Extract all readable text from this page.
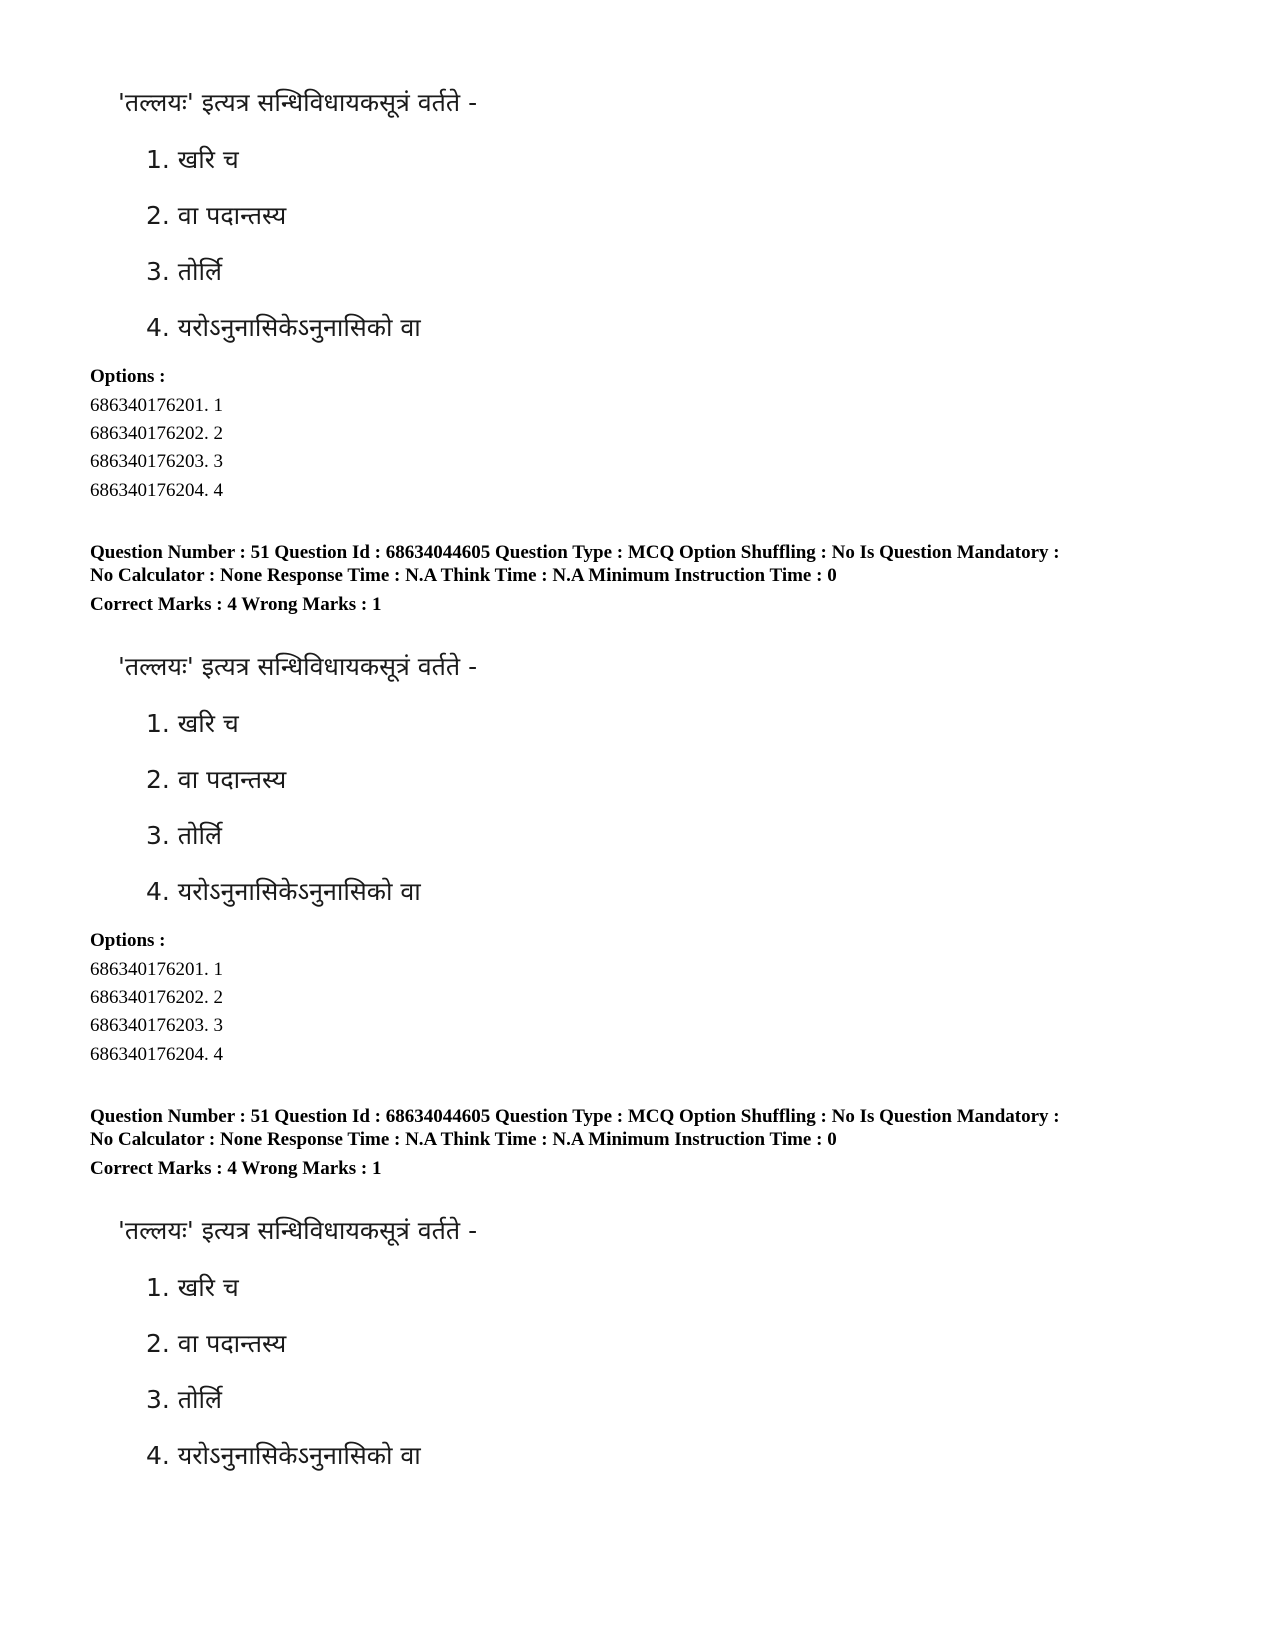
'तल्लयः' इत्यत्र सन्धिविधायकसूत्रं वर्तते -
1. खरि च
2. वा पदान्तस्य
3. तोर्लि
4. यरोऽनुनासिकेऽनुनासिको वा
Options :
686340176201. 1
686340176202. 2
686340176203. 3
686340176204. 4
Question Number : 51 Question Id : 68634044605 Question Type : MCQ Option Shuffling : No Is Question Mandatory :
No Calculator : None Response Time : N.A Think Time : N.A Minimum Instruction Time : 0
Correct Marks : 4 Wrong Marks : 1
'तल्लयः' इत्यत्र सन्धिविधायकसूत्रं वर्तते -
1. खरि च
2. वा पदान्तस्य
3. तोर्लि
4. यरोऽनुनासिकेऽनुनासिको वा
Options :
686340176201. 1
686340176202. 2
686340176203. 3
686340176204. 4
Question Number : 51 Question Id : 68634044605 Question Type : MCQ Option Shuffling : No Is Question Mandatory :
No Calculator : None Response Time : N.A Think Time : N.A Minimum Instruction Time : 0
Correct Marks : 4 Wrong Marks : 1
'तल्लयः' इत्यत्र सन्धिविधायकसूत्रं वर्तते -
1. खरि च
2. वा पदान्तस्य
3. तोर्लि
4. यरोऽनुनासिकेऽनुनासिको वा
